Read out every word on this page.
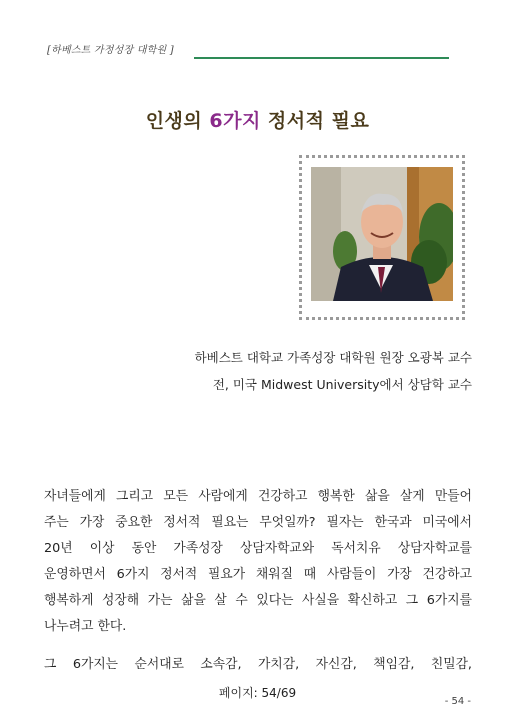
[하베스트 가정성장 대학원 ]
인생의 6가지 정서적 필요
하베스트 대학교 가족성장 대학원 원장 오광복 교수
전, 미국 Midwest University에서 상담학 교수
자녀들에게 그리고 모든 사람에게 건강하고 행복한 삶을 살게 만들어
주는 가장 중요한 정서적 필요는 무엇일까? 필자는 한국과 미국에서
20년 이상 동안 가족성장 상담자학교와 독서치유 상담자학교를
운영하면서 6가지 정서적 필요가 채워질 때 사람들이 가장 건강하고
행복하게 성장해 가는 삶을 살 수 있다는 사실을 확신하고 그 6가지를
나누려고 한다.
그 6가지는 순서대로 소속감, 가치감, 자신감, 책임감, 친밀감,
페이지: 54/69
- 54 -
